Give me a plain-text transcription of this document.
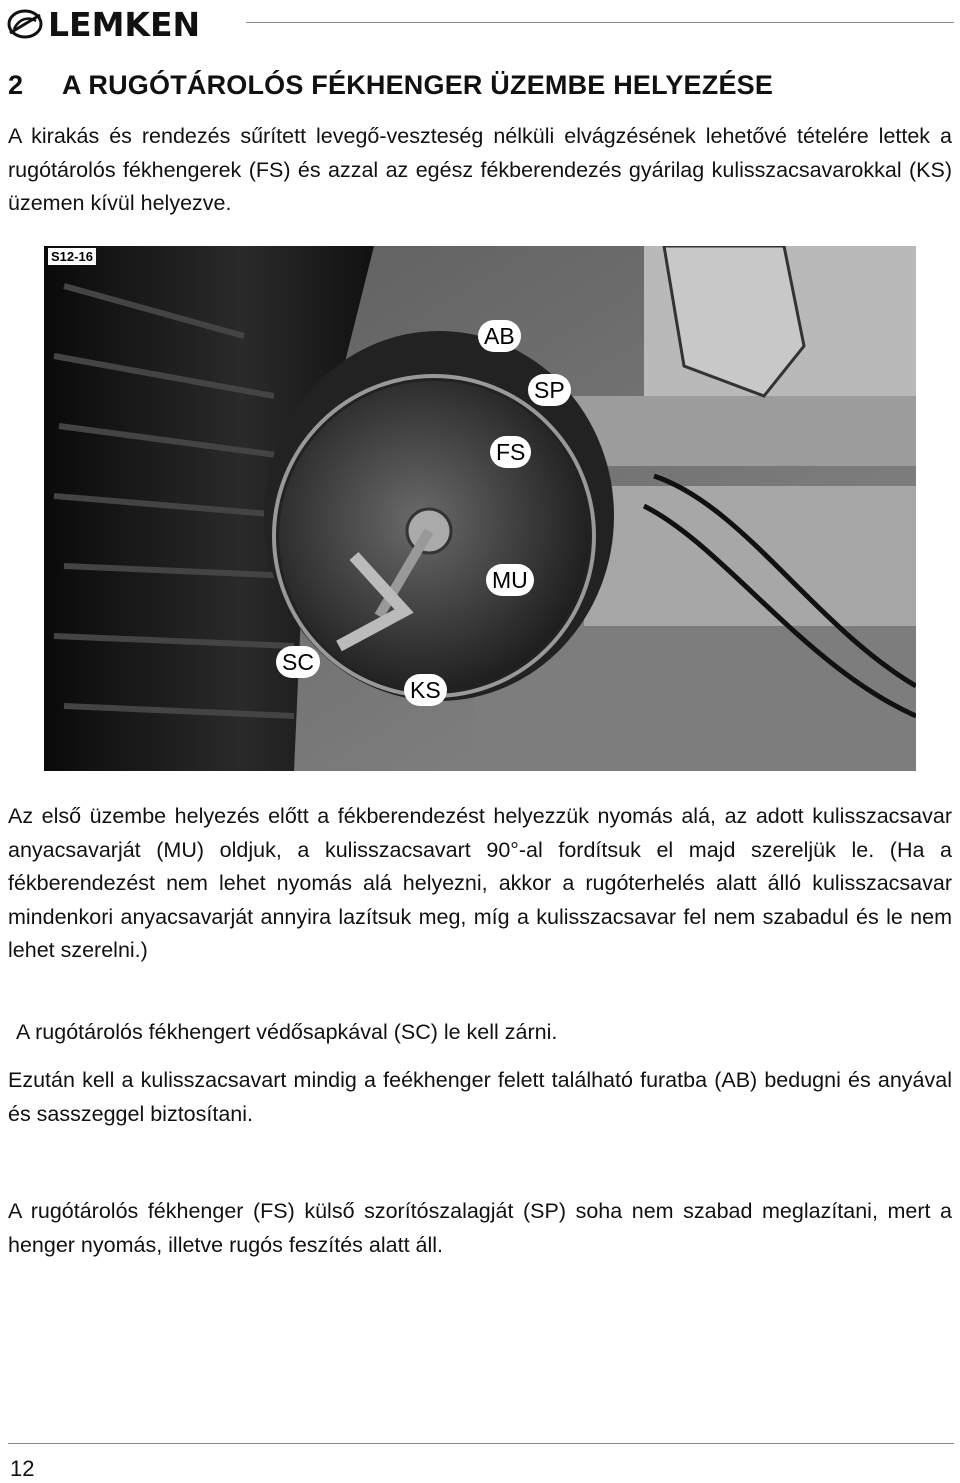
LEMKEN
2 A RUGÓTÁROLÓS FÉKHENGER ÜZEMBE HELYEZÉSE

A kirakás és rendezés sűrített levegő-veszteség nélküli elvágzésének lehetővé tételére lettek a rugótárolós fékhengerek (FS) és azzal az egész fékberendezés gyárilag kulisszacsavarokkal (KS) üzemen kívül helyezve.

S12-16
AB
SP
FS
MU
SC
KS

Az első üzembe helyezés előtt a fékberendezést helyezzük nyomás alá, az adott kulisszacsavar anyacsavarját (MU) oldjuk, a kulisszacsavart 90°-al fordítsuk el majd szereljük le. (Ha a fékberendezést nem lehet nyomás alá helyezni, akkor a rugóterhelés alatt álló kulisszacsavar mindenkori anyacsavarját annyira lazítsuk meg, míg a kulisszacsavar fel nem szabadul és le nem lehet szerelni.)

A rugótárolós fékhengert védősapkával (SC) le kell zárni.

Ezután kell a kulisszacsavart mindig a feékhenger felett található furatba (AB) bedugni és anyával és sasszeggel biztosítani.

A rugótárolós fékhenger (FS) külső szorítószalagját (SP) soha nem szabad meglazítani, mert a henger nyomás, illetve rugós feszítés alatt áll.

12
